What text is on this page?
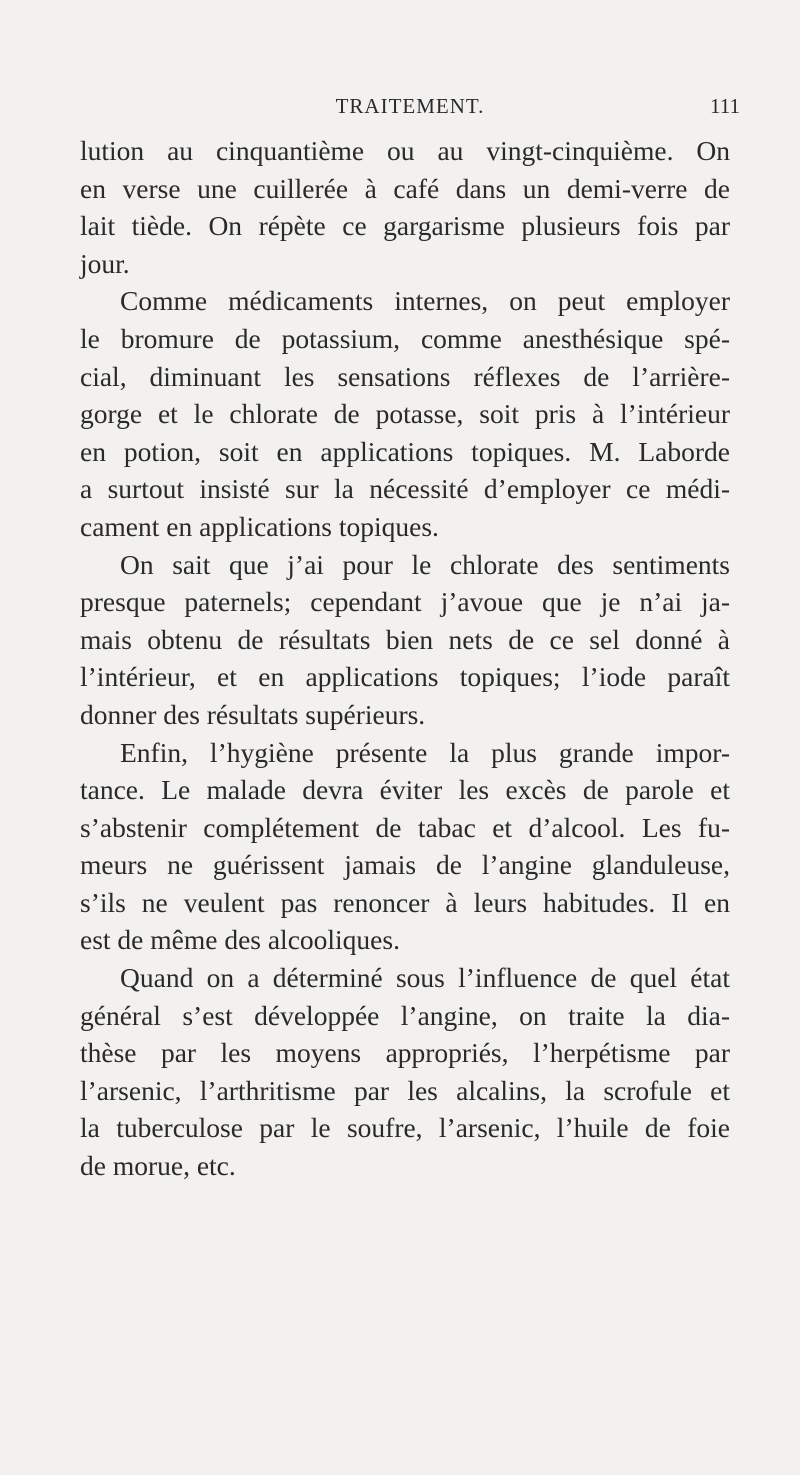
TRAITEMENT.	111
lution au cinquantième ou au vingt-cinquième. On
en verse une cuillerée à café dans un demi-verre de
lait tiède. On répète ce gargarisme plusieurs fois par
jour.
Comme médicaments internes, on peut employer
le bromure de potassium, comme anesthésique spé-
cial, diminuant les sensations réflexes de l’arrière-
gorge et le chlorate de potasse, soit pris à l’intérieur
en potion, soit en applications topiques. M. Laborde
a surtout insisté sur la nécessité d’employer ce médi-
cament en applications topiques.
On sait que j’ai pour le chlorate des sentiments
presque paternels; cependant j’avoue que je n’ai ja-
mais obtenu de résultats bien nets de ce sel donné à
l’intérieur, et en applications topiques; l’iode paraît
donner des résultats supérieurs.
Enfin, l’hygiène présente la plus grande impor-
tance. Le malade devra éviter les excès de parole et
s’abstenir complétement de tabac et d’alcool. Les fu-
meurs ne guérissent jamais de l’angine glanduleuse,
s’ils ne veulent pas renoncer à leurs habitudes. Il en
est de même des alcooliques.
Quand on a déterminé sous l’influence de quel état
général s’est développée l’angine, on traite la dia-
thèse par les moyens appropriés, l’herpétisme par
l’arsenic, l’arthritisme par les alcalins, la scrofule et
la tuberculose par le soufre, l’arsenic, l’huile de foie
de morue, etc.
